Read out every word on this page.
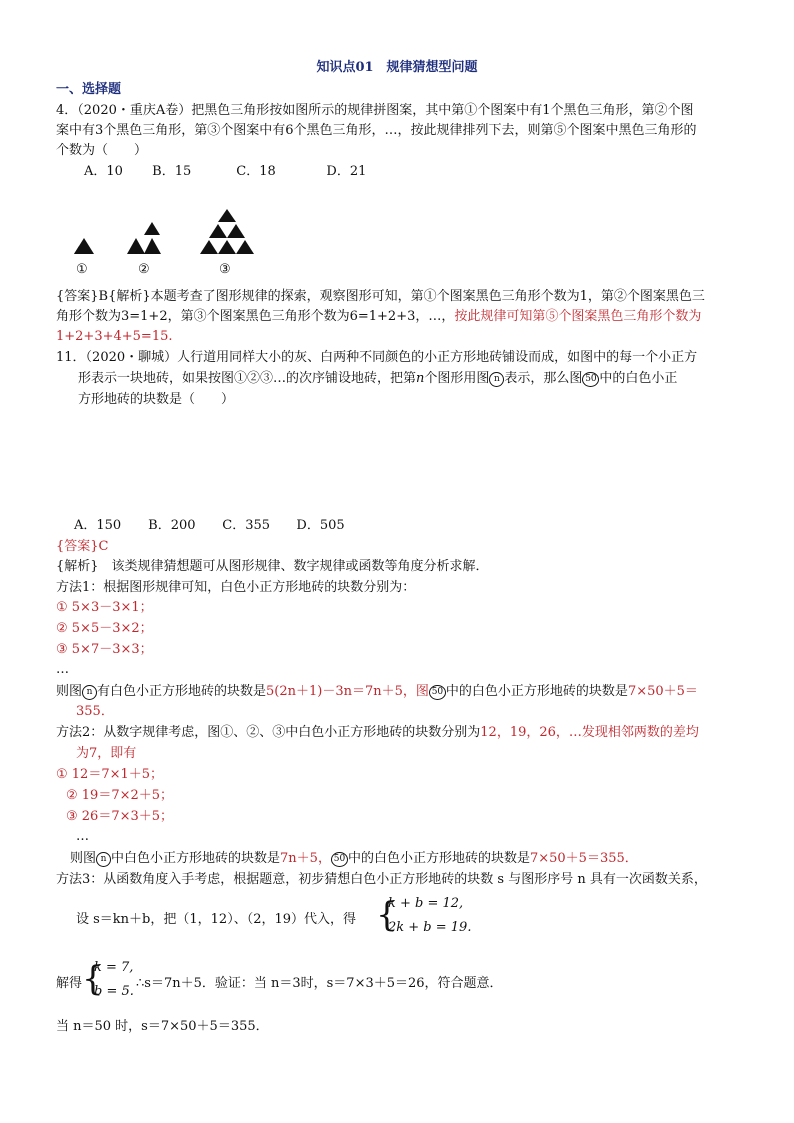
知识点01　规律猜想型问题
一、选择题
4．（2020・重庆A卷）把黑色三角形按如图所示的规律拼图案，其中第①个图案中有1个黑色三角形，第②个图
案中有3个黑色三角形，第③个图案中有6个黑色三角形，…，按此规律排列下去，则第⑤个图案中黑色三角形的
个数为（　　）
A．10 B．15	C．18	D．21
①	②	③
{答案}B{解析}本题考查了图形规律的探索，观察图形可知，第①个图案黑色三角形个数为1，第②个图案黑色三
角形个数为3=1+2，第③个图案黑色三角形个数为6=1+2+3，…，按此规律可知第⑤个图案黑色三角形个数为
1+2+3+4+5=15.
11．（2020・聊城）人行道用同样大小的灰、白两种不同颜色的小正方形地砖铺设而成，如图中的每一个小正方
形表示一块地砖，如果按图①②③…的次序铺设地砖，把第n个图形用图 n 表示，那么图 50 中的白色小正
方形地砖的块数是（　　）
A．150 B．200 C．355 D．505
{答案}C
{解析}　该类规律猜想题可从图形规律、数字规律或函数等角度分析求解．
方法1：根据图形规律可知，白色小正方形地砖的块数分别为：
① 5×3－3×1；
② 5×5－3×2；
③ 5×7－3×3；
…
则图 n 有白色小正方形地砖的块数是5(2n＋1)－3n＝7n＋5，图 50 中的白色小正方形地砖的块数是7×50＋5＝
355．
方法2：从数字规律考虑，图①、②、③中白色小正方形地砖的块数分别为12，19，26，…发现相邻两数的差均
为7，即有
① 12＝7×1＋5；
② 19＝7×2＋5；
③ 26＝7×3＋5；
…
则图 n 中白色小正方形地砖的块数是7n＋5， 50 中的白色小正方形地砖的块数是7×50＋5＝355．
方法3：从函数角度入手考虑，根据题意，初步猜想白色小正方形地砖的块数 s 与图形序号 n 具有一次函数关系，
设 s＝kn＋b，把（1，12）、（2，19）代入，得 {
k + b = 12,
2k + b = 19.
解得 {
k = 7,
b = 5.
∴s＝7n＋5．验证：当 n＝3时，s＝7×3＋5＝26，符合题意．
当 n＝50 时，s＝7×50＋5＝355．
